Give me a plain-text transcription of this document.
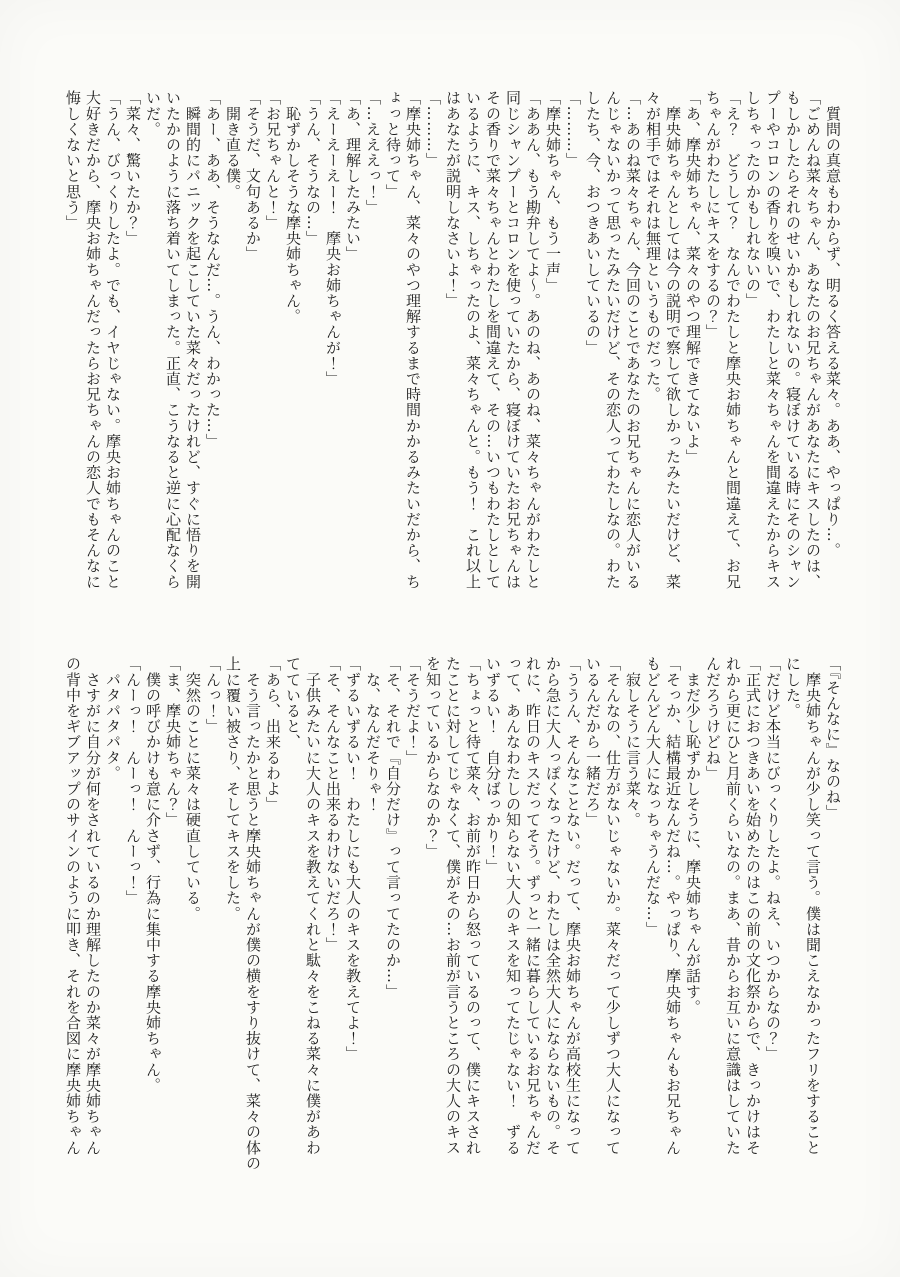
　質問の真意もわからず、明るく答える菜々。ああ、やっぱり…。
「ごめんね菜々ちゃん、あなたのお兄ちゃんがあなたにキスしたのは、
もしかしたらそれのせいかもしれないの。寝ぼけている時にそのシャン
プーやコロンの香りを嗅いで、わたしと菜々ちゃんを間違えたからキス
しちゃったのかもしれないの」
「え？　どうして？　なんでわたしと摩央お姉ちゃんと間違えて、お兄
ちゃんがわたしにキスをするの？」
「あ、摩央姉ちゃん、菜々のやつ理解できてないよ」
　摩央姉ちゃんとしては今の説明で察して欲しかったみたいだけど、菜
々が相手ではそれは無理というものだった。
「…あのね菜々ちゃん、今回のことであなたのお兄ちゃんに恋人がいる
んじゃないかって思ったみたいだけど、その恋人ってわたしなの。わた
したち、今、おつきあいしているの」
「………」
「摩央姉ちゃん、もう一声」
「ああん、もう勘弁してよ〜。あのね、あのね、菜々ちゃんがわたしと
同じシャンプーとコロンを使っていたから、寝ぼけていたお兄ちゃんは
その香りで菜々ちゃんとわたしを間違えて、その…いつもわたしとして
いるように、キス、しちゃったのよ、菜々ちゃんと。もう！　これ以上
はあなたが説明しなさいよ！」
「………」
「摩央姉ちゃん、菜々のやつ理解するまで時間かかるみたいだから、ち
ょっと待って」
「…えええっ！」
「あ、理解したみたい」
「えーえーえー！　摩央お姉ちゃんが！」
「うん、そうなの…」
　恥ずかしそうな摩央姉ちゃん。
「お兄ちゃんと！」
「そうだ、文句あるか」
　開き直る僕。
「あー、ああ、そうなんだ…。うん、わかった…」
　瞬間的にパニックを起こしていた菜々だったけれど、すぐに悟りを開
いたかのように落ち着いてしまった。正直、こうなると逆に心配なくら
いだ。
「菜々、驚いたか？」
「うん、びっくりしたよ。でも、イヤじゃない。摩央お姉ちゃんのこと
大好きだから、摩央お姉ちゃんだったらお兄ちゃんの恋人でもそんなに
悔しくないと思う」
「『そんなに』なのね」
　摩央姉ちゃんが少し笑って言う。僕は聞こえなかったフリをすること
にした。
「だけど本当にびっくりしたよ。ねえ、いつからなの？」
「正式におつきあいを始めたのはこの前の文化祭からで、きっかけはそ
れから更にひと月前くらいなの。まあ、昔からお互いに意識はしていた
んだろうけどね」
　まだ少し恥ずかしそうに、摩央姉ちゃんが話す。
「そっか、結構最近なんだね…。やっぱり、摩央姉ちゃんもお兄ちゃん
もどんどん大人になっちゃうんだな…」
　寂しそうに言う菜々。
「そんなの、仕方がないじゃないか。菜々だって少しずつ大人になって
いるんだから一緒だろ」
「ううん、そんなことない。だって、摩央お姉ちゃんが高校生になって
から急に大人っぽくなったけど、わたしは全然大人にならないもの。そ
れに、昨日のキスだってそう。ずっと一緒に暮らしているお兄ちゃんだ
って、あんなわたしの知らない大人のキスを知ってたじゃない！　ずる
いずるい！　自分ばっかり！」
「ちょっと待て菜々、お前が昨日から怒っているのって、僕にキスされ
たことに対してじゃなくて、僕がその…お前が言うところの大人のキス
を知っているからなのか？」
「そうだよ！」
「そ、それで『自分だけ』って言ってたのか…」
　な、なんだそりゃ！
「ずるいずるい！　わたしにも大人のキスを教えてよ！」
「そ、そんなこと出来るわけないだろ！」
　子供みたいに大人のキスを教えてくれと駄々をこねる菜々に僕があわ
てていると、
「あら、出来るわよ」
　そう言ったかと思うと摩央姉ちゃんが僕の横をすり抜けて、菜々の体の
上に覆い被さり、そしてキスをした。
「んっ！」
　突然のことに菜々は硬直している。
「ま、摩央姉ちゃん？」
　僕の呼びかけも意に介さず、行為に集中する摩央姉ちゃん。
「んーっ！　んーっ！　んーっ！」
　パタパタパタ。
　さすがに自分が何をされているのか理解したのか菜々が摩央姉ちゃん
の背中をギブアップのサインのように叩き、それを合図に摩央姉ちゃん
